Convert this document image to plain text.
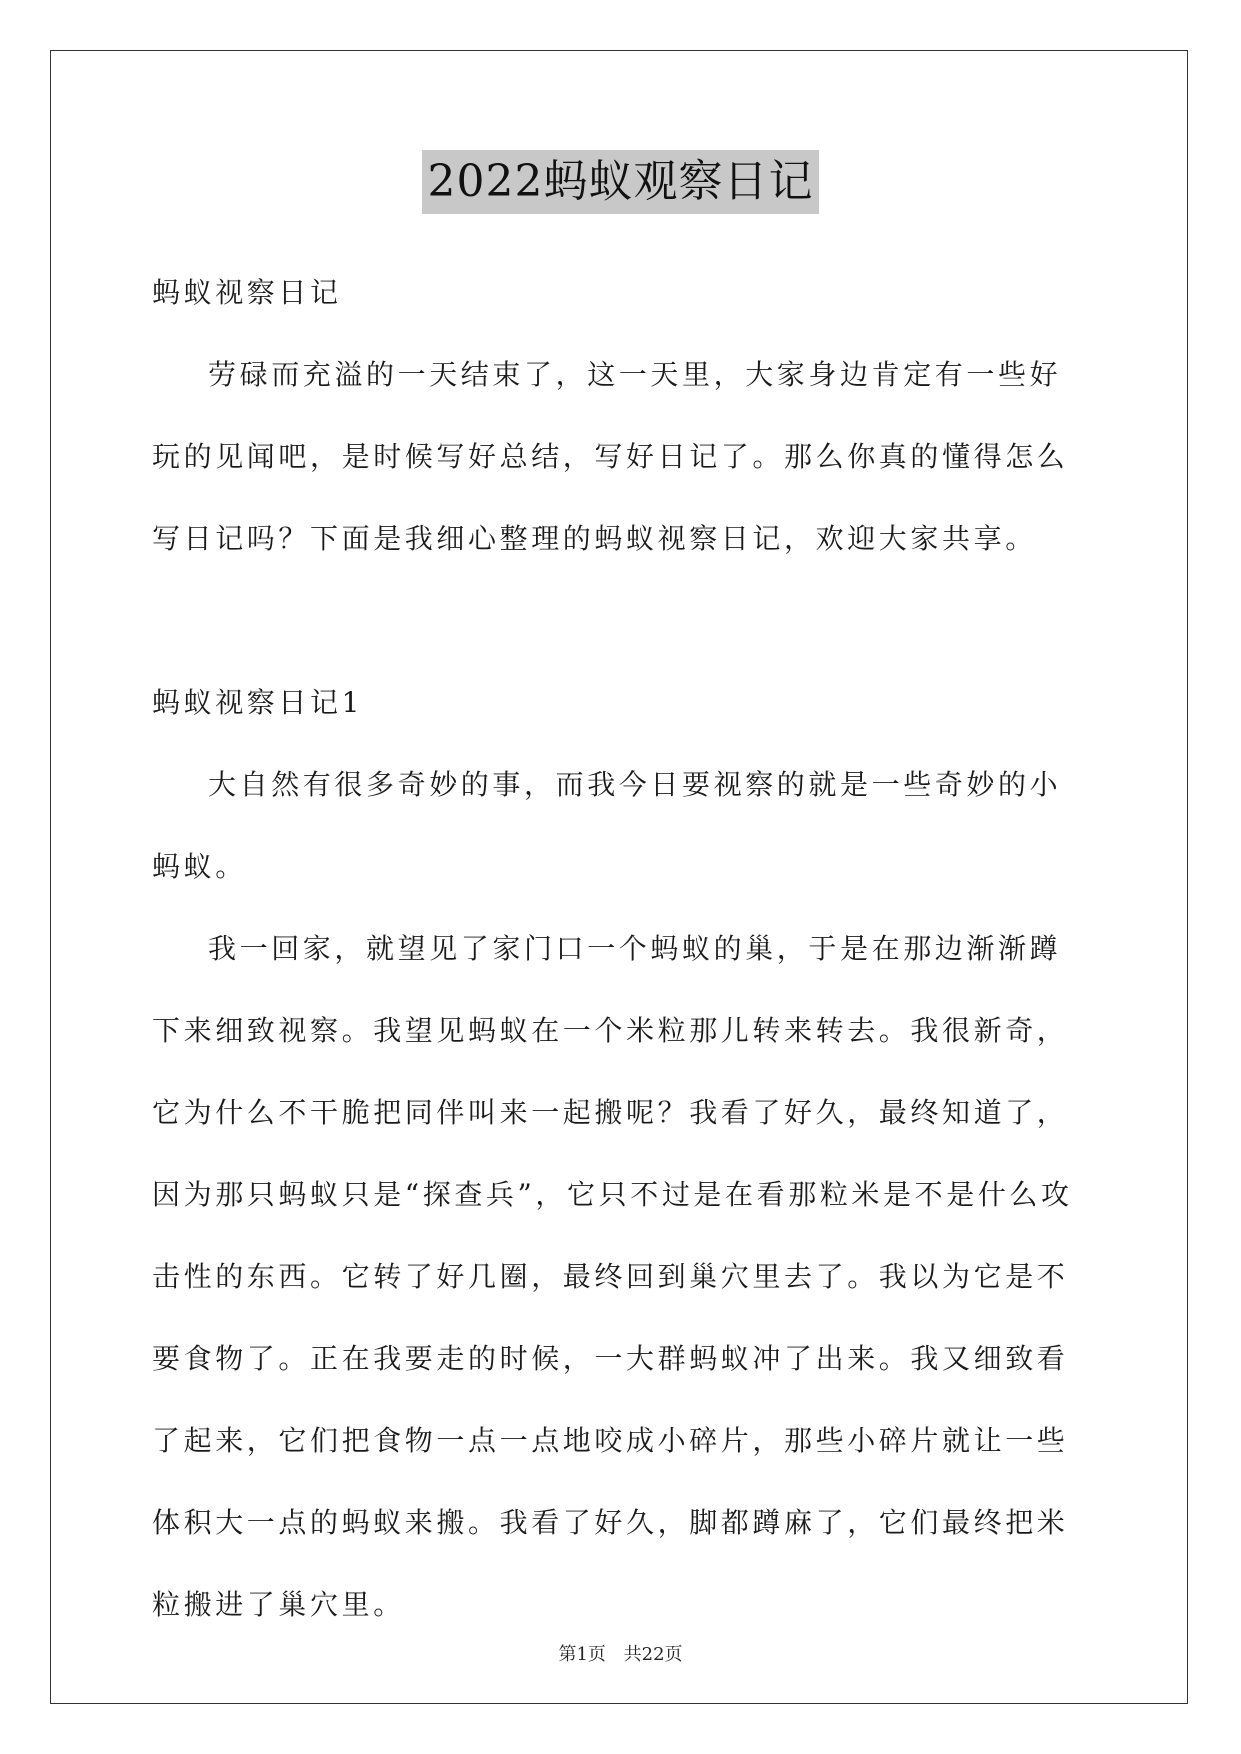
2022蚂蚁观察日记

蚂蚁视察日记

劳碌而充溢的一天结束了，这一天里，大家身边肯定有一些好玩的见闻吧，是时候写好总结，写好日记了。那么你真的懂得怎么写日记吗？下面是我细心整理的蚂蚁视察日记，欢迎大家共享。

蚂蚁视察日记1

大自然有很多奇妙的事，而我今日要视察的就是一些奇妙的小蚂蚁。

我一回家，就望见了家门口一个蚂蚁的巢，于是在那边渐渐蹲下来细致视察。我望见蚂蚁在一个米粒那儿转来转去。我很新奇，它为什么不干脆把同伴叫来一起搬呢？我看了好久，最终知道了，因为那只蚂蚁只是“探查兵”，它只不过是在看那粒米是不是什么攻击性的东西。它转了好几圈，最终回到巢穴里去了。我以为它是不要食物了。正在我要走的时候，一大群蚂蚁冲了出来。我又细致看了起来，它们把食物一点一点地咬成小碎片，那些小碎片就让一些体积大一点的蚂蚁来搬。我看了好久，脚都蹲麻了，它们最终把米粒搬进了巢穴里。

第1页 共22页
